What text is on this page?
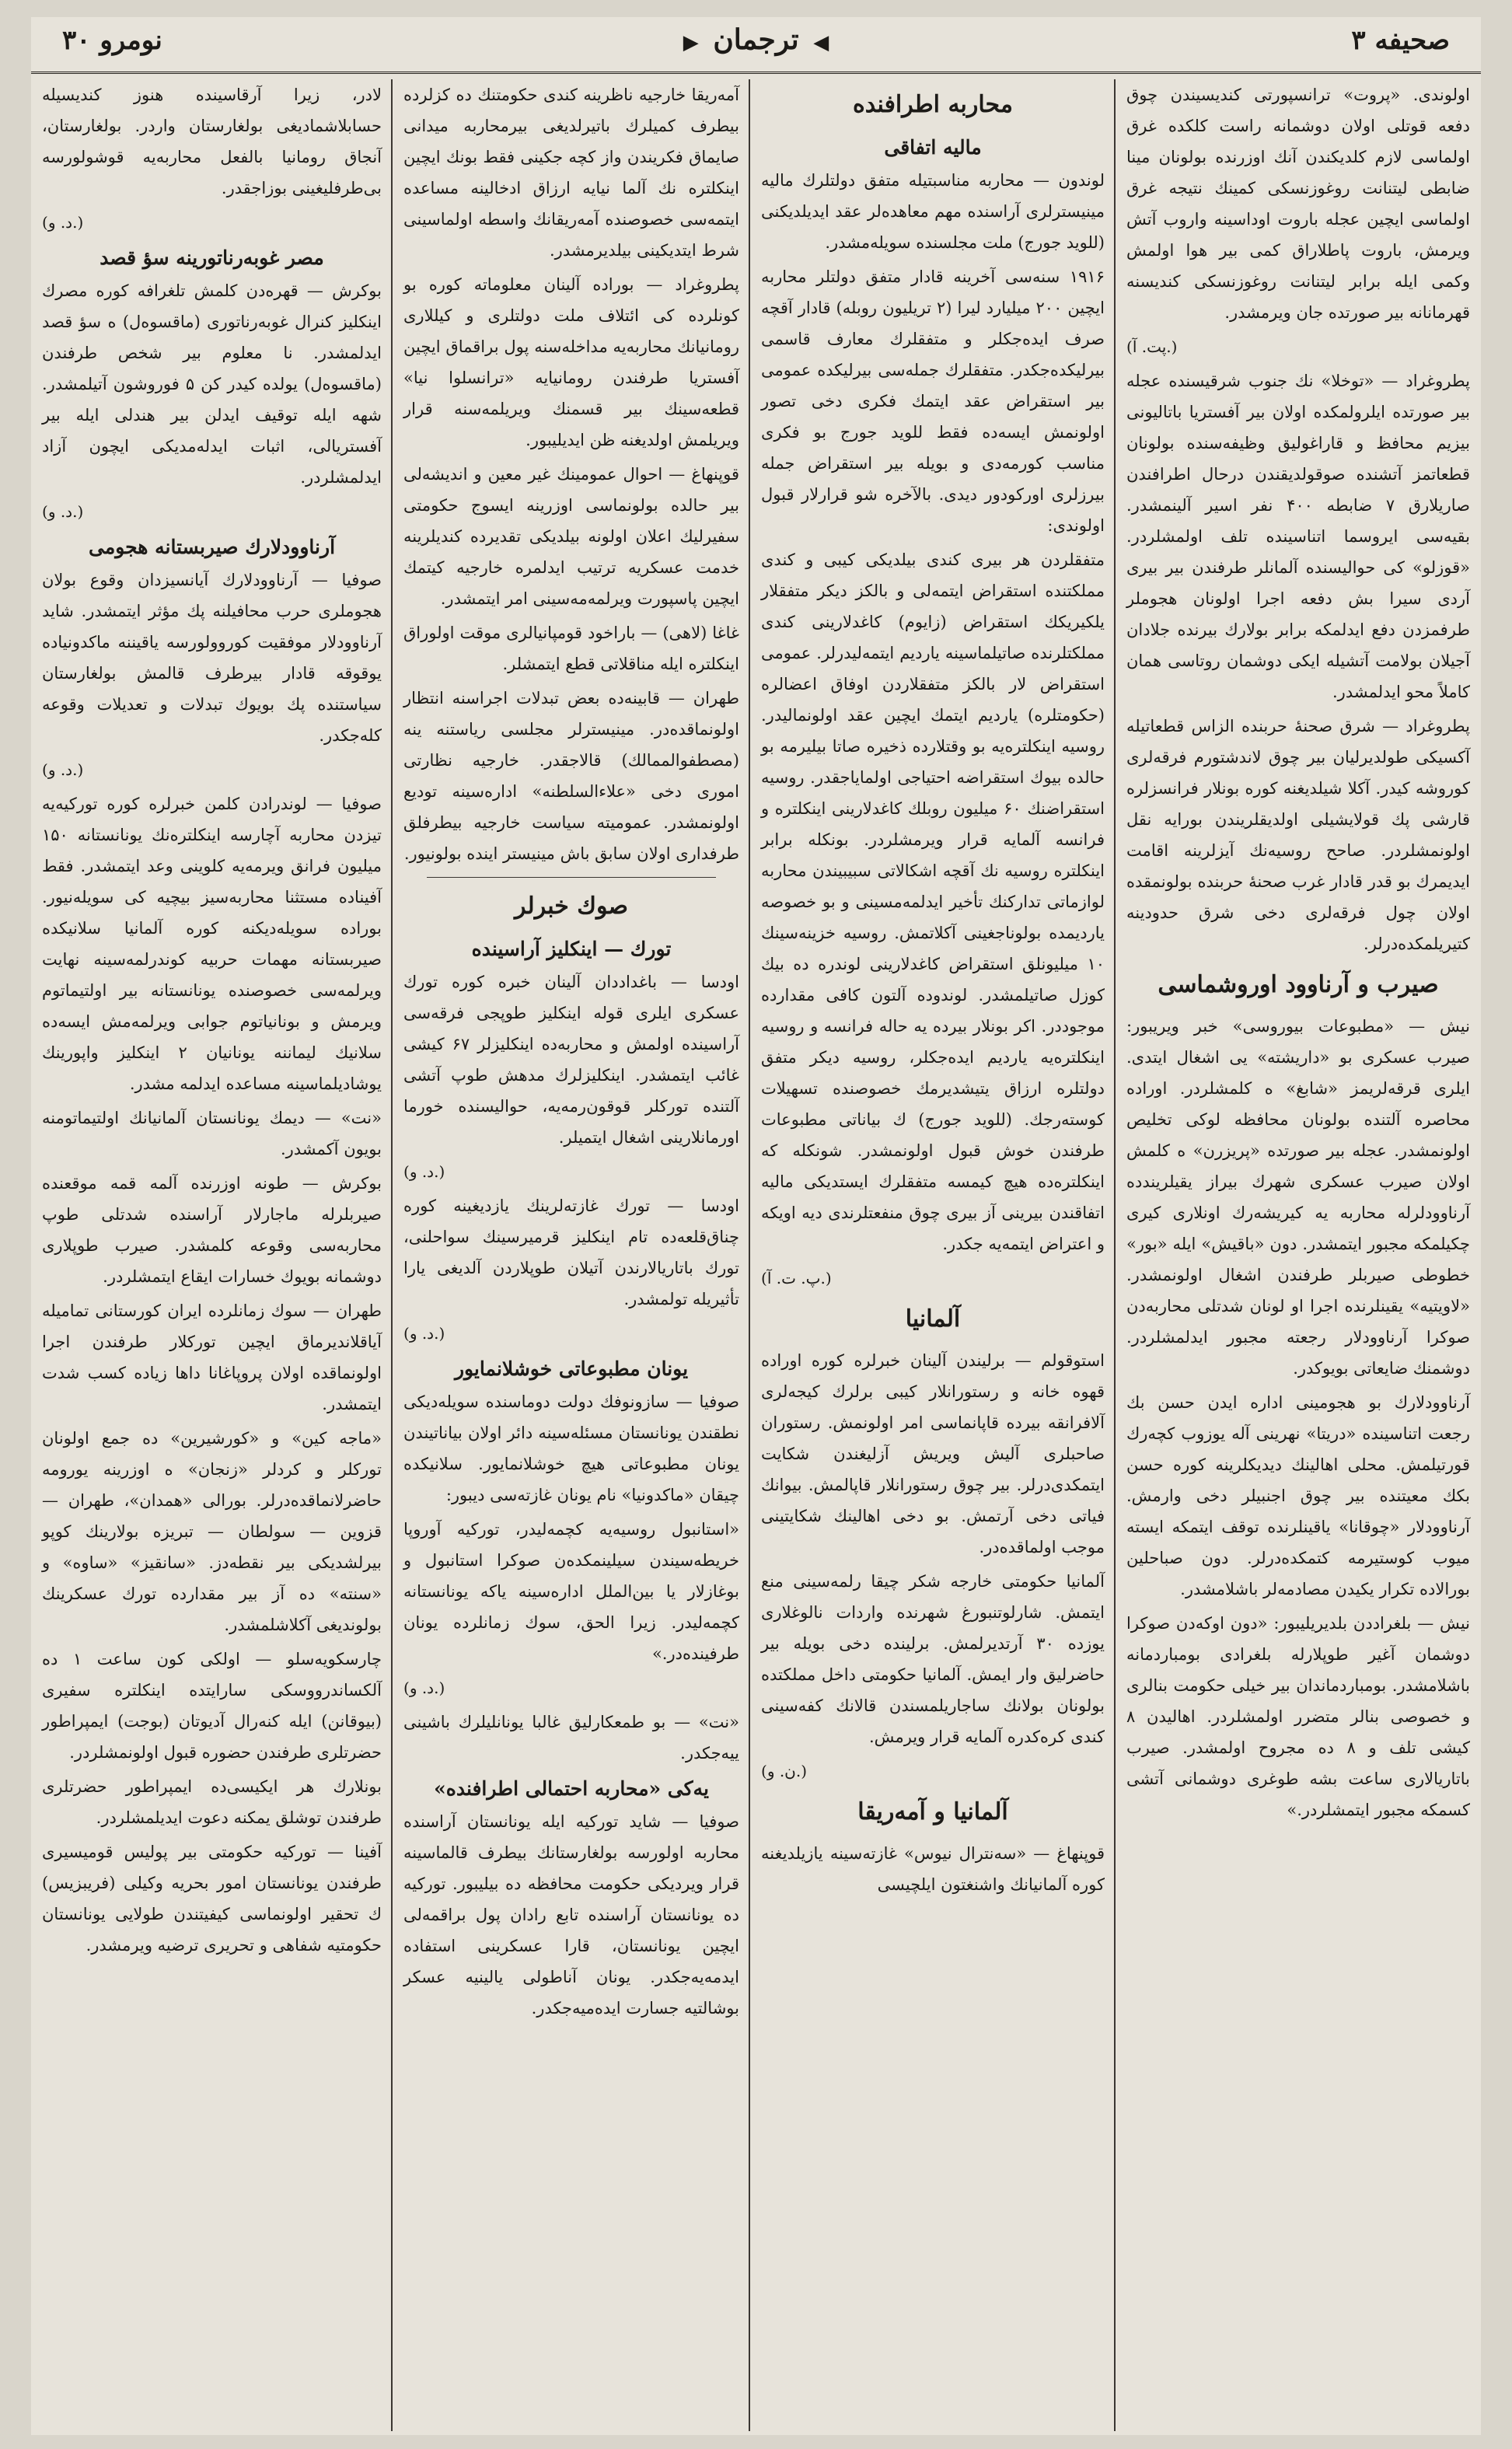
صحیفه ۳
◀ ترجمان ▶
نومرو ۳۰

اولوندی. «پروت» ترانسپورتی کندیسیندن چوق دفعه قوتلی اولان دوشمانه راست کلکده غرق اولماسی لازم کلدیکندن آنك اوزرنده بولونان مینا ضابطی لیتنانت روغوزنسکی کمینك نتیجه غرق اولماسی ایچین عجله باروت اوداسینه واروب آتش ویرمش، باروت پاطلاراق کمی بیر هوا اولمش وکمی ایله برابر لیتنانت روغوزنسکی کندیسنه قهرمانانه بیر صورتده جان ویرمشدر.

(پت. آ.)

پطروغراد — «توخلا» نك جنوب شرقیسنده عجله بیر صورتده ایلرولمکده اولان بیر آفستریا باتالیونی بیزیم محافظ و قاراغولیق وظیفه‌سنده بولونان قطعاتمز آتشنده صوقولدیقندن درحال اطرافندن صاریلارق ۷ ضابطه ۴۰۰ نفر اسیر آلینمشدر. بقیه‌سی ایروسما اتناسینده تلف اولمشلردر. «قوزلو» کی حوالیسنده آلمانلر طرفندن بیر بیری آردی سیرا بش دفعه اجرا اولونان هجوملر طرفمزدن دفع ایدلمکه برابر بولارك بیرنده جلادان آجیلان بولامت آتشیله ایکی دوشمان روتاسی همان کاملاً محو ایدلمشدر.

پطروغراد — شرق صحنهٔ حربنده الزاس قطعاتیله آکسیکی طولدیرلیان بیر چوق لاندشتورم فرقه‌لری کوروشه کیدر. آکلا شیلدیغنه کوره بونلار فرانسزلره قارشی پك قولایشیلی اولدیقلریندن بورایه نقل اولونمشلردر. صاحح روسیه‌نك آیزلرینه اقامت ایدیمرك بو قدر قادار غرب صحنهٔ حربنده بولونمقده اولان چول فرقه‌لری دخی شرق حدودینه کتیریلمکده‌درلر.

صیرب و آرناوود اوروشماسی

نیش — «مطبوعات بیوروسی» خبر ویریبور: صیرب عسکری بو «داریشته» یی اشغال ایتدی. ایلری قرقه‌لریمز «شابغ» ه کلمشلردر. اوراده محاصره آلتنده بولونان محافظه لوکی تخلیص اولونمشدر. عجله بیر صورتده «پریزرن» ه کلمش اولان صیرب عسکری شهرك بیراز یقیلریندده آرناوودلرله محاربه یه کیریشه‌رك اونلاری کیری چکیلمکه مجبور ایتمشدر. دون «باقیش» ایله «بور» خطوطی صیربلر طرفندن اشغال اولونمشدر. «لاویتیه» یقینلرنده اجرا او لونان شدتلی محاربه‌دن صوکرا آرناوودلار رجعته مجبور ایدلمشلردر. دوشمنك ضایعاتی بویوکدر.

آرناوودلارك بو هجومینی اداره ایدن حسن بك رجعت اتناسینده «دریتا» نهرینی آله یوزوب کچه‌رك قورتیلمش. محلی اهالینك دیدیکلرینه کوره حسن بکك معیتنده بیر چوق اجنبیلر دخی وارمش. آرناوودلار «چوقانا» یاقینلرنده توقف ایتمکه ایسته میوب کوستیرمه کتمکده‌درلر. دون صباحلین بورالاده تکرار یکیدن مصادمه‌لر باشلامشدر.

نیش — بلغراددن بلدیریلیبور: «دون اوکه‌دن صوکرا دوشمان آغیر طوپلارله بلغرادی بومباردمانه باشلامشدر. بومباردماندان بیر خیلی حکومت بنالری و خصوصی بنالر متضرر اولمشلردر. اهالیدن ۸ کیشی تلف و ۸ ده مجروح اولمشدر. صیرب باتاریالاری ساعت بشه طوغری دوشمانی آتشی کسمکه مجبور ایتمشلردر.»

محاربه اطرافنده
مالیه اتفاقی

لوندون — محاربه مناسبتیله متفق دولتلرك مالیه مینیسترلری آراسنده مهم معاهده‌لر عقد ایدیلدیکنی (للوید جورج) ملت مجلسنده سویله‌مشدر.

۱۹۱۶ سنه‌سی آخرینه قادار متفق دولتلر محاربه ایچین ۲۰۰ میلیارد لیرا (۲ تریلیون روبله) قادار آقچه صرف ایده‌جکلر و متفقلرك معارف قاسمی بیرلیکده‌جکدر. متفقلرك جمله‌سی بیرلیکده عمومی بیر استقراض عقد ایتمك فکری دخی تصور اولونمش ایسه‌ده فقط للوید جورج بو فکری مناسب کورمه‌دی و بویله بیر استقراض جمله بیرزلری اورکودور دیدی. بالآخره شو قرارلار قبول اولوندی:

متفقلردن هر بیری کندی بیلدیکی کیبی و کندی مملکتنده استقراض ایتمه‌لی و بالکز دیکر متفقلار یلکیریکك استقراض (زایوم) کاغدلارینی کندی مملکتلرنده صاتیلماسینه یاردیم ایتمه‌لیدرلر. عمومی استقراض لار بالکز متفقلاردن اوفاق اعضالره (حکومتلره) یاردیم ایتمك ایچین عقد اولونمالیدر. روسیه اینکلتره‌یه بو وقتلارده ذخیره صاتا بیلیرمه بو حالده بیوك استقراضه احتیاجی اولمایاجقدر. روسیه استقراضنك ۶۰ میلیون روبلك کاغدلارینی اینکلتره و فرانسه آلمایه قرار ویرمشلردر. بونکله برابر اینکلتره روسیه نك آقچه اشکالاتی سبیبیندن محاربه لوازماتی تدارکنك تأخیر ایدلمه‌مسینی و بو خصوصه یاردیمده بولوناجغینی آکلاتمش. روسیه خزینه‌سینك ۱۰ میلیونلق استقراض کاغدلارینی لوندره ده بیك کوزل صاتیلمشدر. لوندوده آلتون کافی مقدارده موجوددر. اکر بونلار بیرده یه حاله فرانسه و روسیه اینکلتره‌یه یاردیم ایده‌جکلر، روسیه دیکر متفق دولتلره ارزاق یتیشدیرمك خصوصنده تسهیلات کوسته‌رجك. (للوید جورج) ك بیاناتی مطبوعات طرفندن خوش قبول اولونمشدر. شونکله که اینکلتره‌ده هیچ کیمسه متفقلرك ایستدیکی مالیه اتفاقندن بیرینی آز بیری چوق منفعتلرندی دیه اویکه و اعتراض ایتمه‌یه جکدر.

(پ. ت. آ.)

آلمانیا

استوقولم — برلیندن آلینان خبرلره کوره اوراده قهوه خانه و رستورانلار کیبی برلرك کیجه‌لری آلافرانقه بیرده قاپانماسی امر اولونمش. رستوران صاحبلری آلیش ویریش آزلیغندن شکایت ایتمکدی‌درلر. بیر چوق رستورانلار قاپالمش. بیوانك فیاتی دخی آرتمش. بو دخی اهالینك شکایتینی موجب اولماقده‌در.

آلمانیا حکومتی خارجه شکر چیقا رلمه‌سینی منع ایتمش. شارلوتنبورغ شهرنده واردات نالوغلاری یوزده ۳۰ آرتدیرلمش. برلینده دخی بویله بیر حاضرلیق وار ایمش. آلمانیا حکومتی داخل مملکتده بولونان بولانك ساجاریلمسندن قالانك کفه‌سینی کندی کره‌کدره آلمایه قرار ویرمش.

(ن. و.)

آلمانیا و آمه‌ریقا

قوپنهاغ — «سه‌نترال نیوس» غازته‌سینه یازیلدیغنه کوره آلمانیانك واشنغتون ایلچیسی

آمه‌ریقا خارجیه ناظرینه کندی حکومتنك ده کزلرده بیطرف کمیلرك باتیرلدیغی بیرمحاربه میدانی صایماق فکریندن واز کچه جکینی فقط بونك ایچین اینکلتره نك آلما نیایه ارزاق ادخالینه مساعده ایتمه‌سی خصوصنده آمه‌ریقانك واسطه اولماسینی شرط ایتدیکینی بیلدیرمشدر.

پطروغراد — بوراده آلینان معلوماته کوره بو کونلرده کی ائتلاف ملت دولتلری و کیللاری رومانیانك محاربه‌یه مداخله‌سنه پول براقماق ایچین آفستریا طرفندن رومانیایه «ترانسلوا نیا» قطعه‌سینك بیر قسمنك ویریلمه‌سنه قرار ویریلمش اولدیغنه ظن ایدیلیبور.

قوپنهاغ — احوال عمومینك غیر معین و اندیشه‌لی بیر حالده بولونماسی اوزرینه ایسوج حکومتی سفیرلیك اعلان اولونه بیلدیکی تقدیرده کندیلرینه خدمت عسکریه ترتیب ایدلمره خارجیه کیتمك ایچین پاسپورت ویرلمه‌مه‌سینی امر ایتمشدر.

غاغا (لاهی) — باراخود قومپانیالری موقت اولوراق اینکلتره ایله مناقلاتی قطع ایتمشلر.

طهران — قابینه‌ده بعض تبدلات اجراسنه انتظار اولونماقده‌در. مینیسترلر مجلسی ریاستنه ینه (مصطفوالممالك) قالاجقدر. خارجیه نظارتی اموری دخی «علاءالسلطنه» اداره‌سینه تودیع اولونمشدر. عمومیته سیاست خارجیه بیطرفلق طرفداری اولان سابق باش مینیستر اینده بولونیور.

صوك خبرلر
تورك — اینکلیز آراسینده

اودسا — باغداددان آلینان خبره کوره تورك عسکری ایلری قوله اینکلیز طوپجی فرقه‌سی آراسینده اولمش و محاربه‌ده اینکلیزلر ۶۷ کیشی غائب ایتمشدر. اینکلیزلرك مدهش طوپ آتشی آلتنده تورکلر قوقون‌رمه‌یه، حوالیسنده خورما اورمانلارینی اشغال ایتمیلر.

(د. و.)

اودسا — تورك غازته‌لرینك یازدیغینه کوره چناق‌قلعه‌ده تام اینکلیز قرمیرسینك سواحلنی، تورك باتاریالارندن آتیلان طوپلاردن آلدیغی یارا تأثیریله تولمشدر.

(د. و.)

یونان مطبوعاتی خوشلانمایور

صوفیا — سازونوفك دولت دوماسنده سویله‌دیکی نطقندن یونانستان مسئله‌سینه دائر اولان بیاناتیندن یونان مطبوعاتی هیچ خوشلانمایور. سلانیکده چیقان «ماکدونیا» نام یونان غازته‌سی دیبور:

«استانبول روسیه‌یه کچمه‌لیدر، تورکیه آوروپا خریطه‌سیندن سیلینمکده‌ن صوکرا استانبول و بوغازلار یا بین‌الملل اداره‌سینه یاکه یونانستانه کچمه‌لیدر. زیرا الحق، سوك زمانلرده یونان طرفینده‌در.»

(د. و.)

«نت» — بو طمعکارلیق غالبا یونانلیلرك باشینی ییه‌جکدر.

یه‌کی «محاربه احتمالی اطرافنده»

صوفیا — شاید تورکیه ایله یونانستان آراسنده محاربه اولورسه بولغارستانك بیطرف قالماسینه قرار ویردیکی حکومت محافظه ده بیلیبور. تورکیه ده یونانستان آراسنده تابع رادان پول براقمه‌لی ایچین یونانستان، قارا عسکرینی استفاده ایدمه‌یه‌جکدر. یونان آناطولی یالینیه عسکر بوشالتیه جسارت ایده‌میه‌جکدر.

لادر، زیرا آرقاسینده هنوز کندیسیله حسابلاشمادیغی بولغارستان واردر. بولغارستان، آنجاق رومانیا بالفعل محاربه‌یه قوشولورسه بی‌طرفلیغینی بوزاجقدر.

(د. و.)

مصر غوبه‌رناتورینه سؤ قصد

بوکرش — قهره‌دن کلمش تلغرافه کوره مصرك اینکلیز کنرال غوبه‌رناتوری (ماقسوه‌ل) ه سؤ قصد ایدلمشدر. نا معلوم بیر شخص طرفندن (ماقسوه‌ل) یولده کیدر کن ۵ فوروشون آتیلمشدر. شهه ایله توقیف ایدلن بیر هندلی ایله بیر آفستریالی، اثبات ایدله‌مدیکی ایچون آزاد ایدلمشلردر.

(د. و.)

آرناوودلارك صیربستانه هجومی

صوفیا — آرناوودلارك آیانسیزدان وقوع بولان هجوملری حرب محافیلنه پك مؤثر ایتمشدر. شاید آرناوودلار موفقیت کوروولورسه یاقیننه ماکدونیاده یوقوقه قادار بیرطرف قالمش بولغارستان سیاستنده پك بویوك تبدلات و تعدیلات وقوعه کله‌جکدر.

(د. و.)

صوفیا — لوندرادن کلمن خبرلره کوره تورکیه‌یه تیزدن محاربه آچارسه اینکلتره‌نك یونانستانه ۱۵۰ میلیون فرانق ویرمه‌یه کلوینی وعد ایتمشدر. فقط آفیناده مستثنا محاربه‌سیز بیچیه کی سویله‌نیور. بوراده سویله‌دیکنه کوره آلمانیا سلانیکده صیربستانه مهمات حربیه کوندرلمه‌سینه نهایت ویرلمه‌سی خصوصنده یونانستانه بیر اولتیماتوم ویرمش و بونانیاتوم جوابی ویرلمه‌مش ایسه‌ده سلانیك لیماننه یونانیان ۲ اینکلیز واپورینك یوشادیلماسینه مساعده ایدلمه مشدر.

«نت» — دیمك یونانستان آلمانیانك اولتیماتومنه بویون آکمشدر.

بوکرش — طونه اوزرنده آلمه قمه موقعنده صیربلرله ماجارلار آراسنده شدتلی طوپ محاربه‌سی وقوعه کلمشدر. صیرب طوپلاری دوشمانه بویوك خسارات ایقاع ایتمشلردر.

طهران — سوك زمانلرده ایران کورستانی تمامیله آیاقلاندیرماق ایچین تورکلار طرفندن اجرا اولونماقده اولان پروپاغانا داها زیاده کسب شدت ایتمشدر.

«ماجه کین» و «کورشیرین» ده جمع اولونان تورکلر و کردلر «زنجان» ه اوزرینه یورومه حاضرلانماقده‌درلر. بورالی «همدان»، طهران — قزوین — سولطان — تبریزه بولارینك کوپو بیرلشدیکی بیر نقطه‌دز. «سانقیز» «ساوه» و «سنته» ده آز بیر مقدارده تورك عسکرینك بولوندیغی آکلاشلمشدر.

چارسکویه‌سلو — اولکی کون ساعت ۱ ده آلکساندرووسکی سارایتده اینکلتره سفیری (بیوقانن) ایله کنه‌رال آدیوتان (بوجت) ایمپراطور حضرتلری طرفندن حضوره قبول اولونمشلردر.

بونلارك هر ایکیسی‌ده ایمپراطور حضرتلری طرفندن توشلق یمکنه دعوت ایدیلمشلردر.

آفینا — تورکیه حکومتی بیر پولیس قومیسیری طرفندن یونانستان امور بحریه وکیلی (فریبزیس) ك تحقیر اولونماسی کیفیتندن طولایی یونانستان حکومتیه شفاهی و تحریری ترضیه ویرمشدر.
